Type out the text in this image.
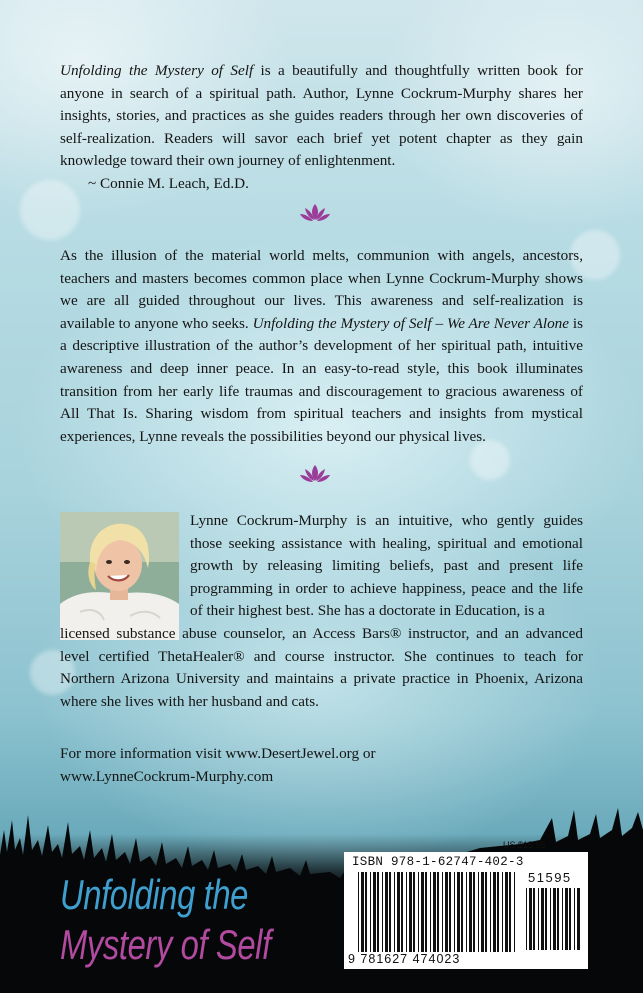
Unfolding the Mystery of Self is a beautifully and thoughtfully written book for anyone in search of a spiritual path. Author, Lynne Cockrum-Murphy shares her insights, stories, and practices as she guides readers through her own discoveries of self-realization. Readers will savor each brief yet potent chapter as they gain knowledge toward their own journey of enlightenment.

~ Connie M. Leach, Ed.D.

As the illusion of the material world melts, communion with angels, ancestors, teachers and masters becomes common place when Lynne Cockrum-Murphy shows we are all guided throughout our lives. This awareness and self-realization is available to anyone who seeks. Unfolding the Mystery of Self – We Are Never Alone is a descriptive illustration of the author’s development of her spiritual path, intuitive awareness and deep inner peace. In an easy-to-read style, this book illuminates transition from her early life traumas and discouragement to gracious awareness of All That Is. Sharing wisdom from spiritual teachers and insights from mystical experiences, Lynne reveals the possibilities beyond our physical lives.

Lynne Cockrum-Murphy is an intuitive, who gently guides those seeking assistance with healing, spiritual and emotional growth by releasing limiting beliefs, past and present life programming in order to achieve happiness, peace and the life of their highest best. She has a doctorate in Education, is a

licensed substance abuse counselor, an Access Bars® instructor, and an advanced level certified ThetaHealer® and course instructor. She continues to teach for Northern Arizona University and maintains a private practice in Phoenix, Arizona where she lives with her husband and cats.

For more information visit www.DesertJewel.org or

www.LynneCockrum-Murphy.com

Unfolding the
Mystery of Self
US $15.95
ISBN 978-1-62747-402-3
51595
9 781627 474023
